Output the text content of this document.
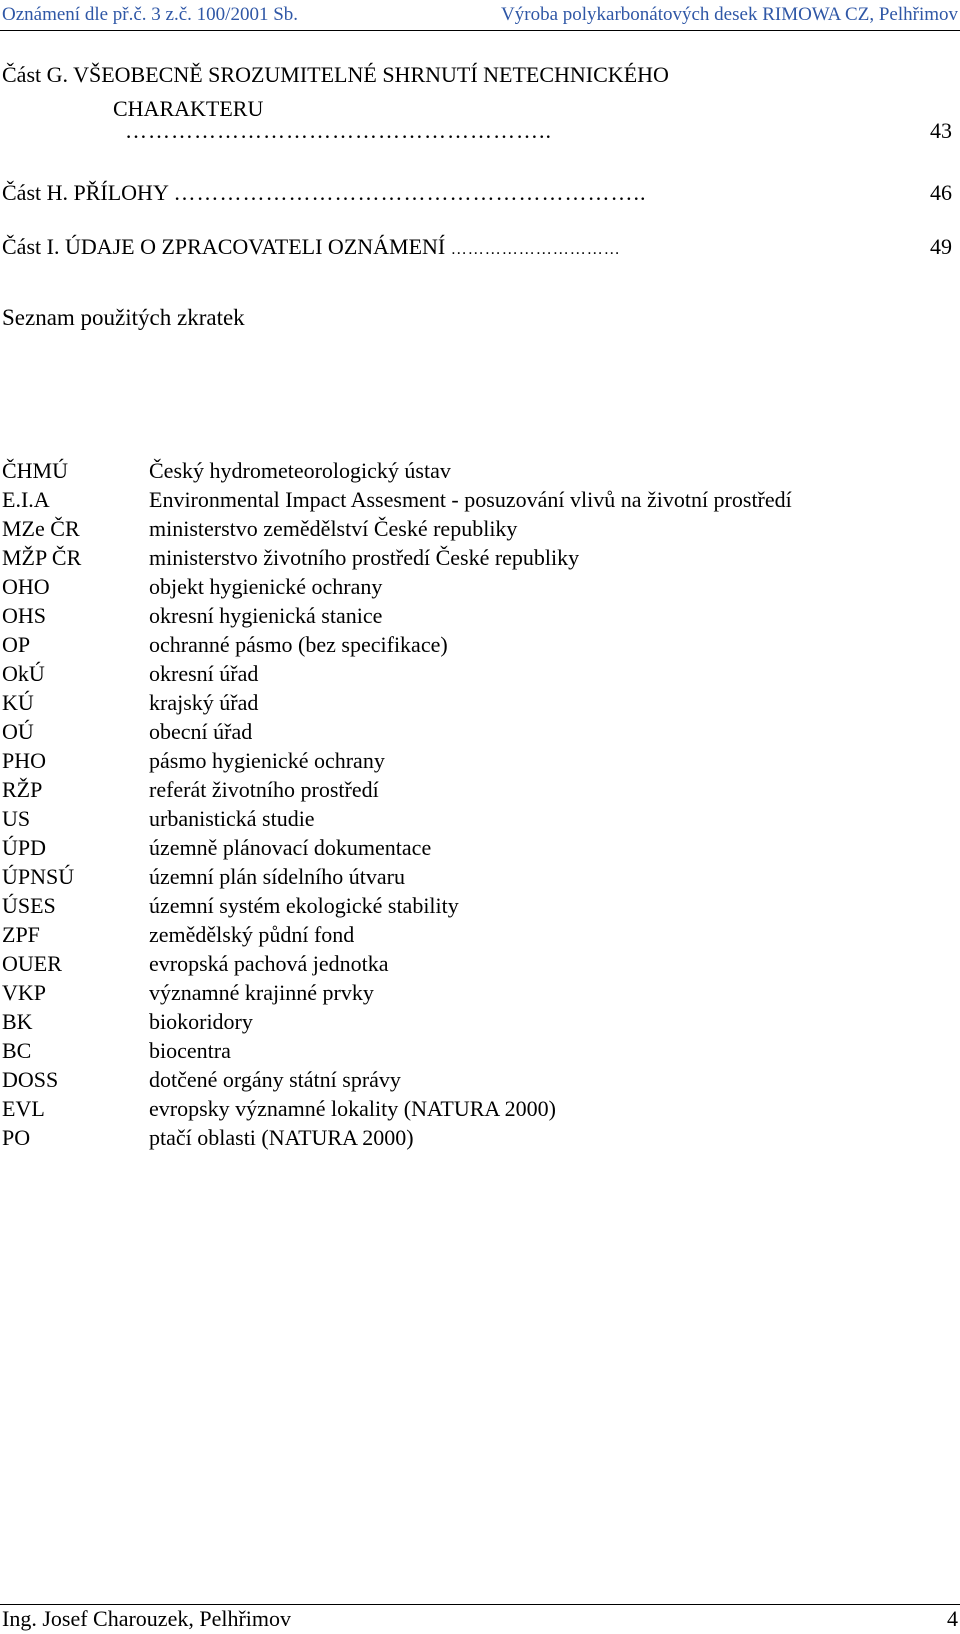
Oznámení dle př.č. 3 z.č. 100/2001 Sb.	Výroba polykarbonátových desek RIMOWA CZ, Pelhřimov
Část G. VŠEOBECNĚ SROZUMITELNÉ SHRNUTÍ NETECHNICKÉHO
CHARAKTERU
………………………………………………..	43
Část H. PŘÍLOHY ……………………………………………………..	46
Část I. ÚDAJE O ZPRACOVATELI OZNÁMENÍ …………………………	49
Seznam použitých zkratek
ČHMÚ	Český hydrometeorologický ústav
E.I.A	Environmental Impact Assesment - posuzování vlivů na životní prostředí
MZe ČR	ministerstvo zemědělství České republiky
MŽP ČR	ministerstvo životního prostředí České republiky
OHO	objekt hygienické ochrany
OHS	okresní hygienická stanice
OP	ochranné pásmo (bez specifikace)
OkÚ	okresní úřad
KÚ	krajský úřad
OÚ	obecní úřad
PHO	pásmo hygienické ochrany
RŽP	referát životního prostředí
US	urbanistická studie
ÚPD	územně plánovací dokumentace
ÚPNSÚ	územní plán sídelního útvaru
ÚSES	územní systém ekologické stability
ZPF	zemědělský půdní fond
OUER	evropská pachová jednotka
VKP	významné krajinné prvky
BK	biokoridory
BC	biocentra
DOSS	dotčené orgány státní správy
EVL	evropsky významné lokality (NATURA 2000)
PO	ptačí oblasti (NATURA 2000)
Ing. Josef Charouzek, Pelhřimov	4
